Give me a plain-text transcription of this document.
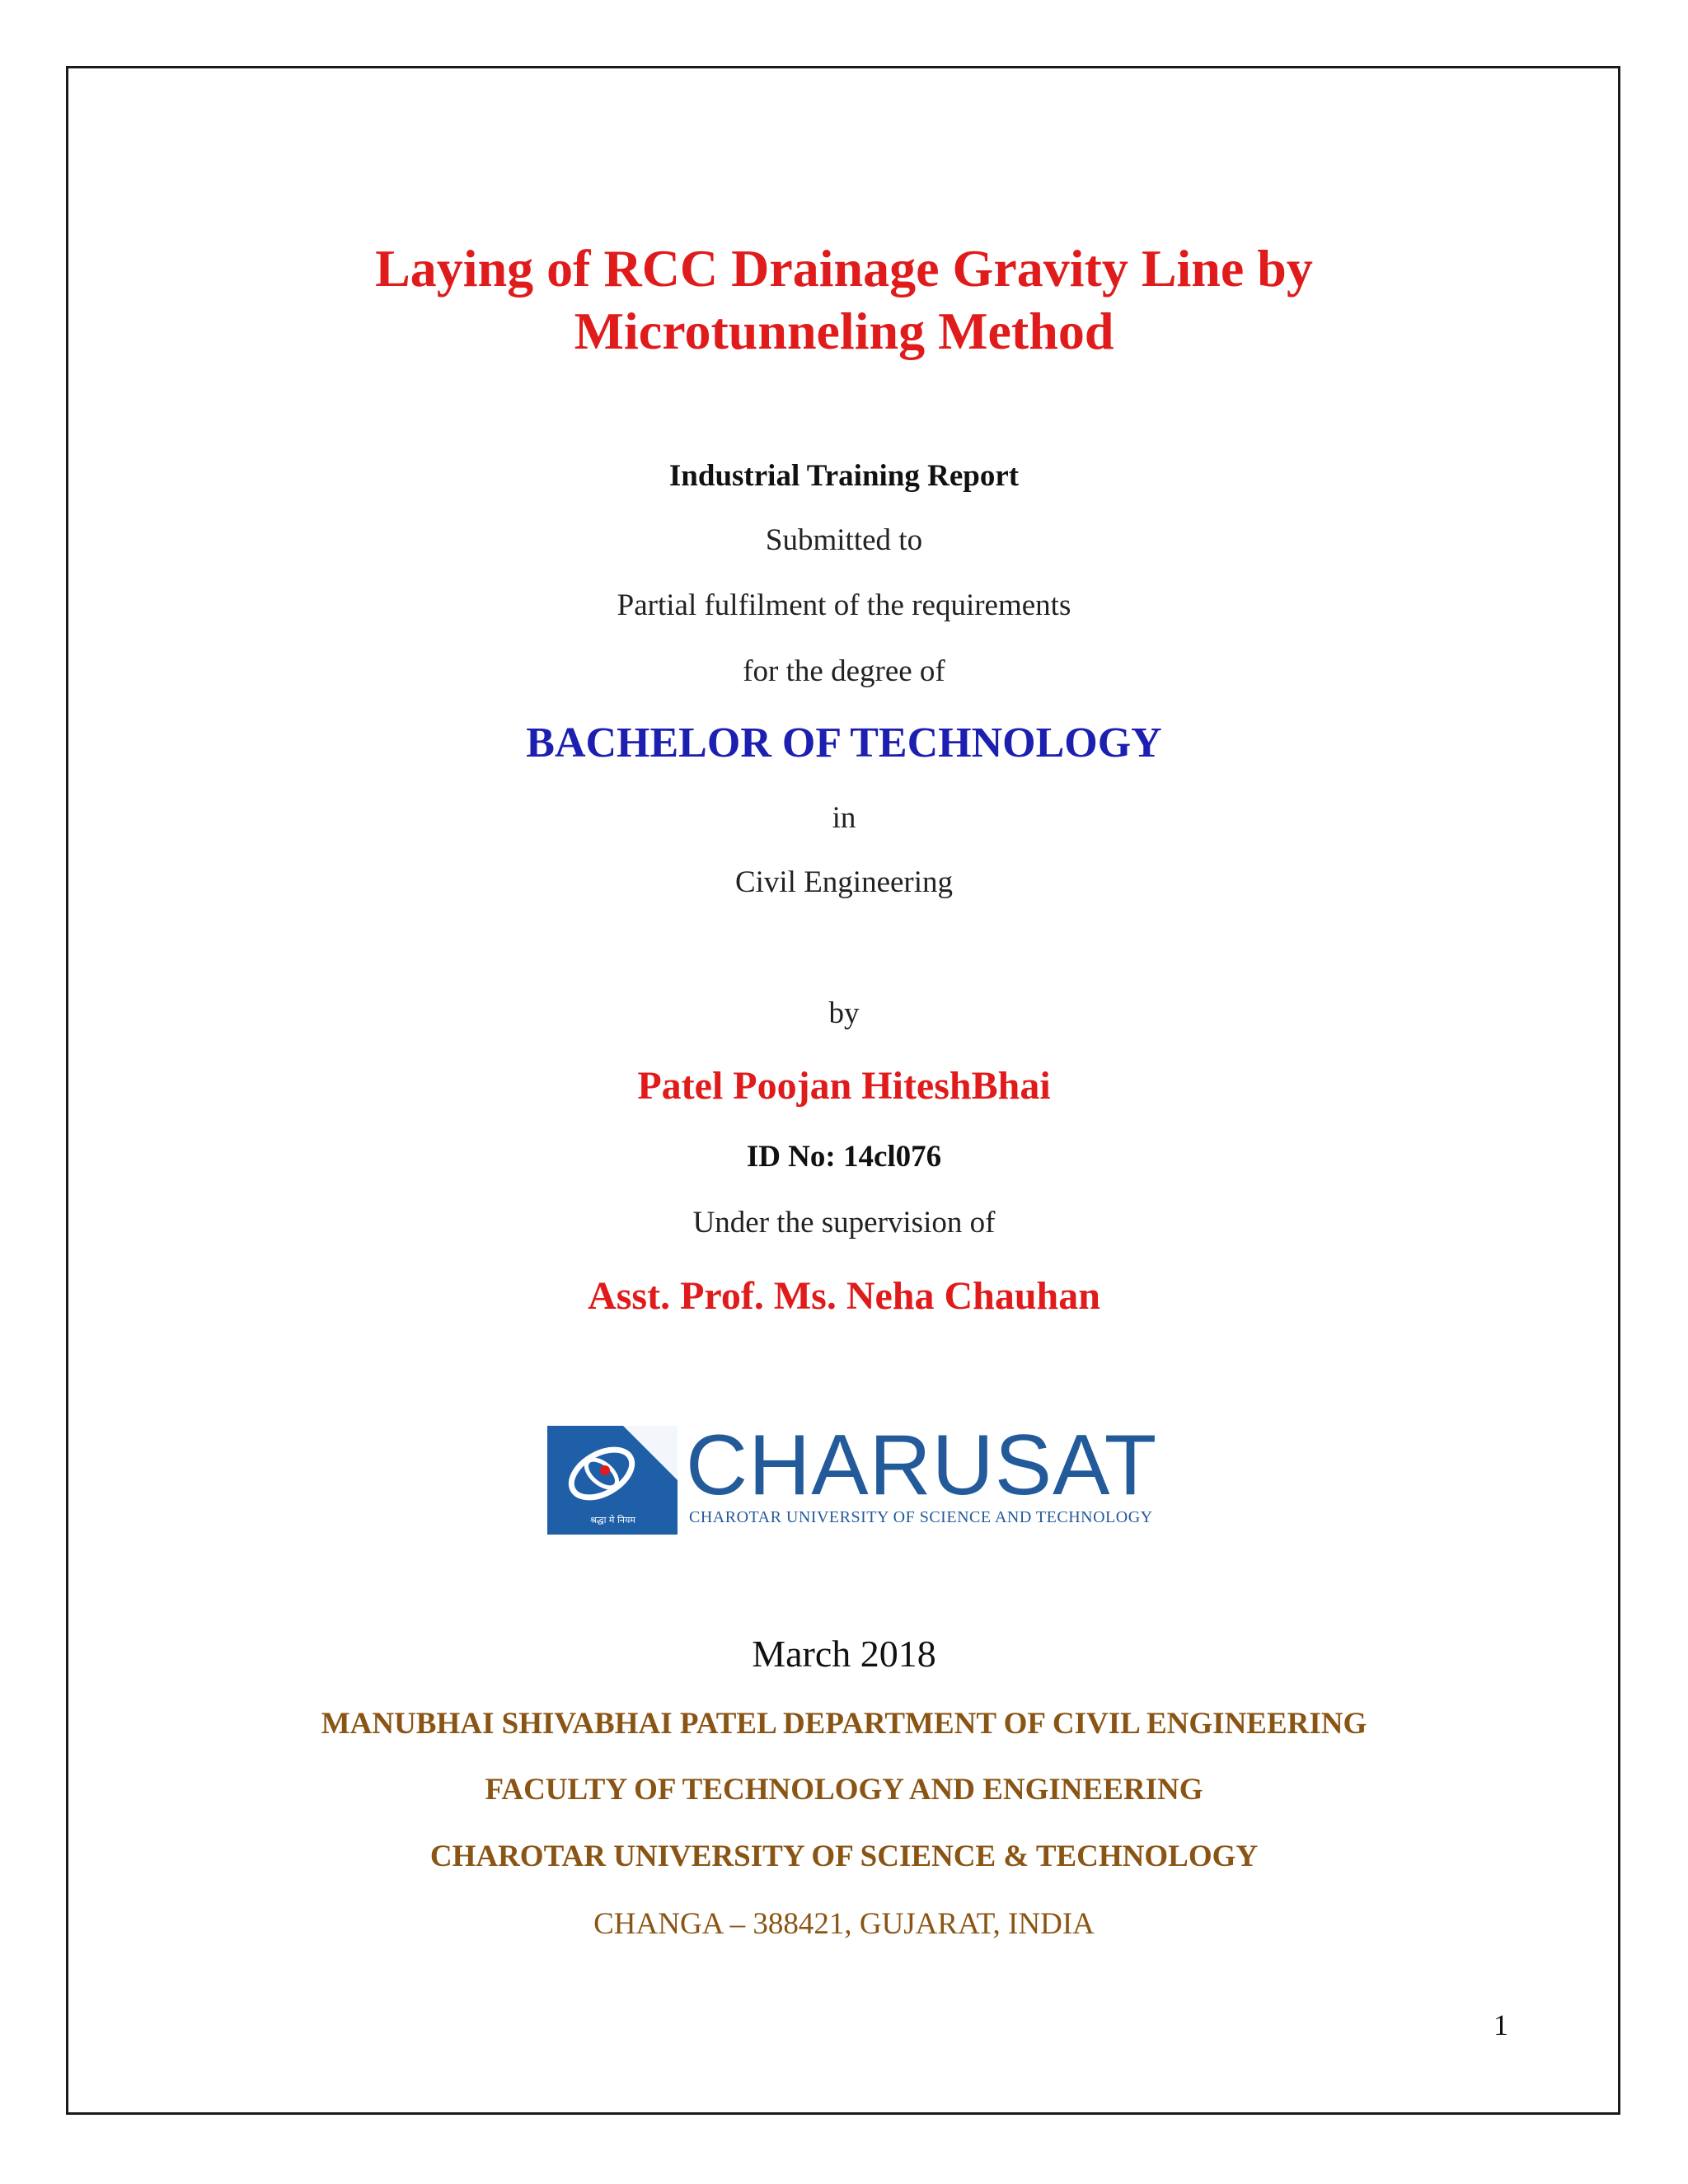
Laying of RCC Drainage Gravity Line by

Microtunneling Method

Industrial Training Report

Submitted to

Partial fulfilment of the requirements

for the degree of

BACHELOR OF TECHNOLOGY

in

Civil Engineering

by

Patel Poojan HiteshBhai

ID No: 14cl076

Under the supervision of

Asst. Prof. Ms. Neha Chauhan

श्रद्धा मे नियम
CHARUSAT
CHAROTAR UNIVERSITY OF SCIENCE AND TECHNOLOGY

March 2018

MANUBHAI SHIVABHAI PATEL DEPARTMENT OF CIVIL ENGINEERING

FACULTY OF TECHNOLOGY AND ENGINEERING

CHAROTAR UNIVERSITY OF SCIENCE & TECHNOLOGY

CHANGA – 388421, GUJARAT, INDIA

1
